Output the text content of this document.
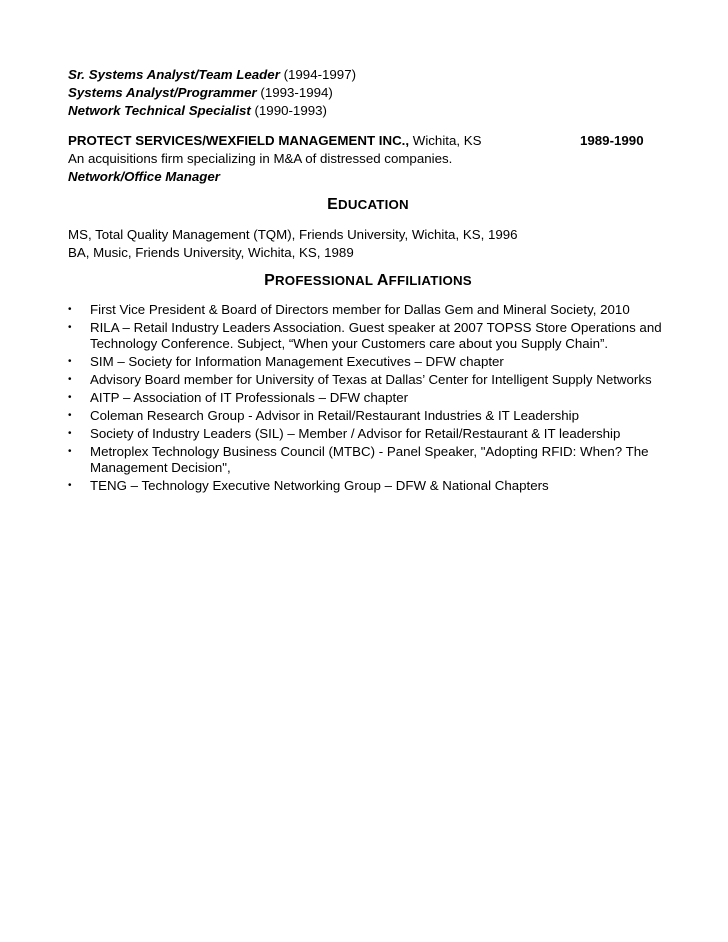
Sr. Systems Analyst/Team Leader (1994-1997)
Systems Analyst/Programmer (1993-1994)
Network Technical Specialist (1990-1993)
PROTECT SERVICES/WEXFIELD MANAGEMENT INC., Wichita, KS	1989-1990
An acquisitions firm specializing in M&A of distressed companies.
Network/Office Manager
EDUCATION
MS, Total Quality Management (TQM), Friends University, Wichita, KS, 1996
BA, Music, Friends University, Wichita, KS, 1989
PROFESSIONAL AFFILIATIONS
• First Vice President & Board of Directors member for Dallas Gem and Mineral Society, 2010
• RILA – Retail Industry Leaders Association. Guest speaker at 2007 TOPSS Store Operations and Technology Conference. Subject, “When your Customers care about you Supply Chain”.
• SIM – Society for Information Management Executives – DFW chapter
• Advisory Board member for University of Texas at Dallas’ Center for Intelligent Supply Networks
• AITP – Association of IT Professionals – DFW chapter
• Coleman Research Group - Advisor in Retail/Restaurant Industries & IT Leadership
• Society of Industry Leaders (SIL) – Member / Advisor for Retail/Restaurant & IT leadership
• Metroplex Technology Business Council (MTBC) - Panel Speaker, "Adopting RFID: When? The Management Decision",
• TENG – Technology Executive Networking Group – DFW & National Chapters
